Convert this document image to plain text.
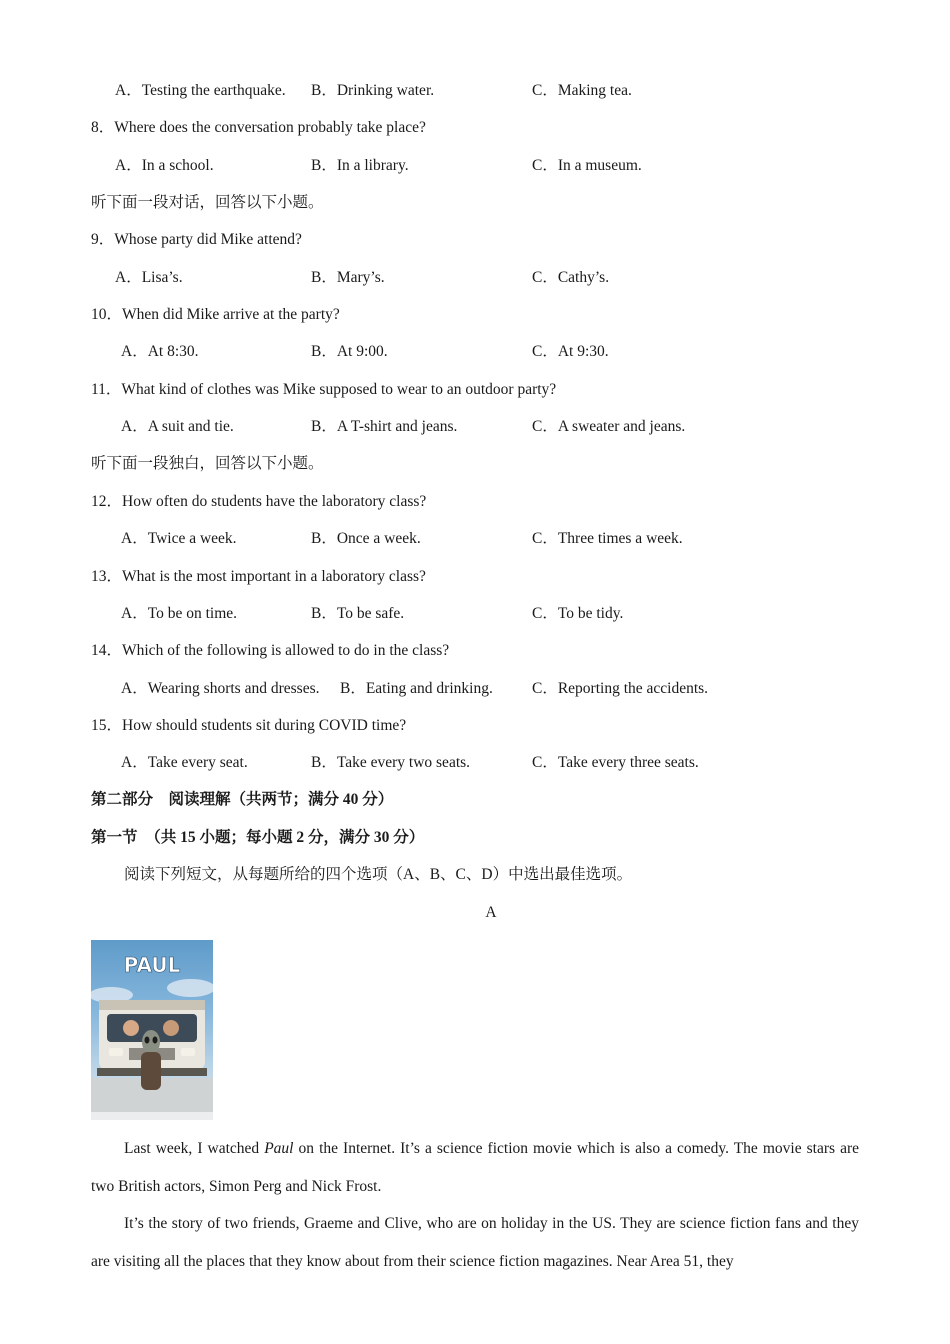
A．Testing the earthquake. B．Drinking water.	C．Making tea.
8．Where does the conversation probably take place?
A．In a school.	B．In a library.	C．In a museum.
听下面一段对话，回答以下小题。
9．Whose party did Mike attend?
A．Lisa’s.	B．Mary’s.	C．Cathy’s.
10．When did Mike arrive at the party?
A．At 8:30.	B．At 9:00.	C．At 9:30.
11．What kind of clothes was Mike supposed to wear to an outdoor party?
A．A suit and tie.	B．A T-shirt and jeans.	C．A sweater and jeans.
听下面一段独白，回答以下小题。
12．How often do students have the laboratory class?
A．Twice a week.	B．Once a week.	C．Three times a week.
13．What is the most important in a laboratory class?
A．To be on time.	B．To be safe.	C．To be tidy.
14．Which of the following is allowed to do in the class?
A．Wearing shorts and dresses. B．Eating and drinking.	C．Reporting the accidents.
15．How should students sit during COVID time?
A．Take every seat.	B．Take every two seats.	C．Take every three seats.
第二部分　阅读理解（共两节；满分 40 分）
第一节　（共 15 小题；每小题 2 分，满分 30 分）
阅读下列短文，从每题所给的四个选项（A、B、C、D）中选出最佳选项。
A
PAUL
Last week, I watched Paul on the Internet. It’s a science fiction movie which is also a comedy. The movie stars are two British actors, Simon Perg and Nick Frost.
It’s the story of two friends, Graeme and Clive, who are on holiday in the US. They are science fiction fans and they are visiting all the places that they know about from their science fiction magazines. Near Area 51, they
